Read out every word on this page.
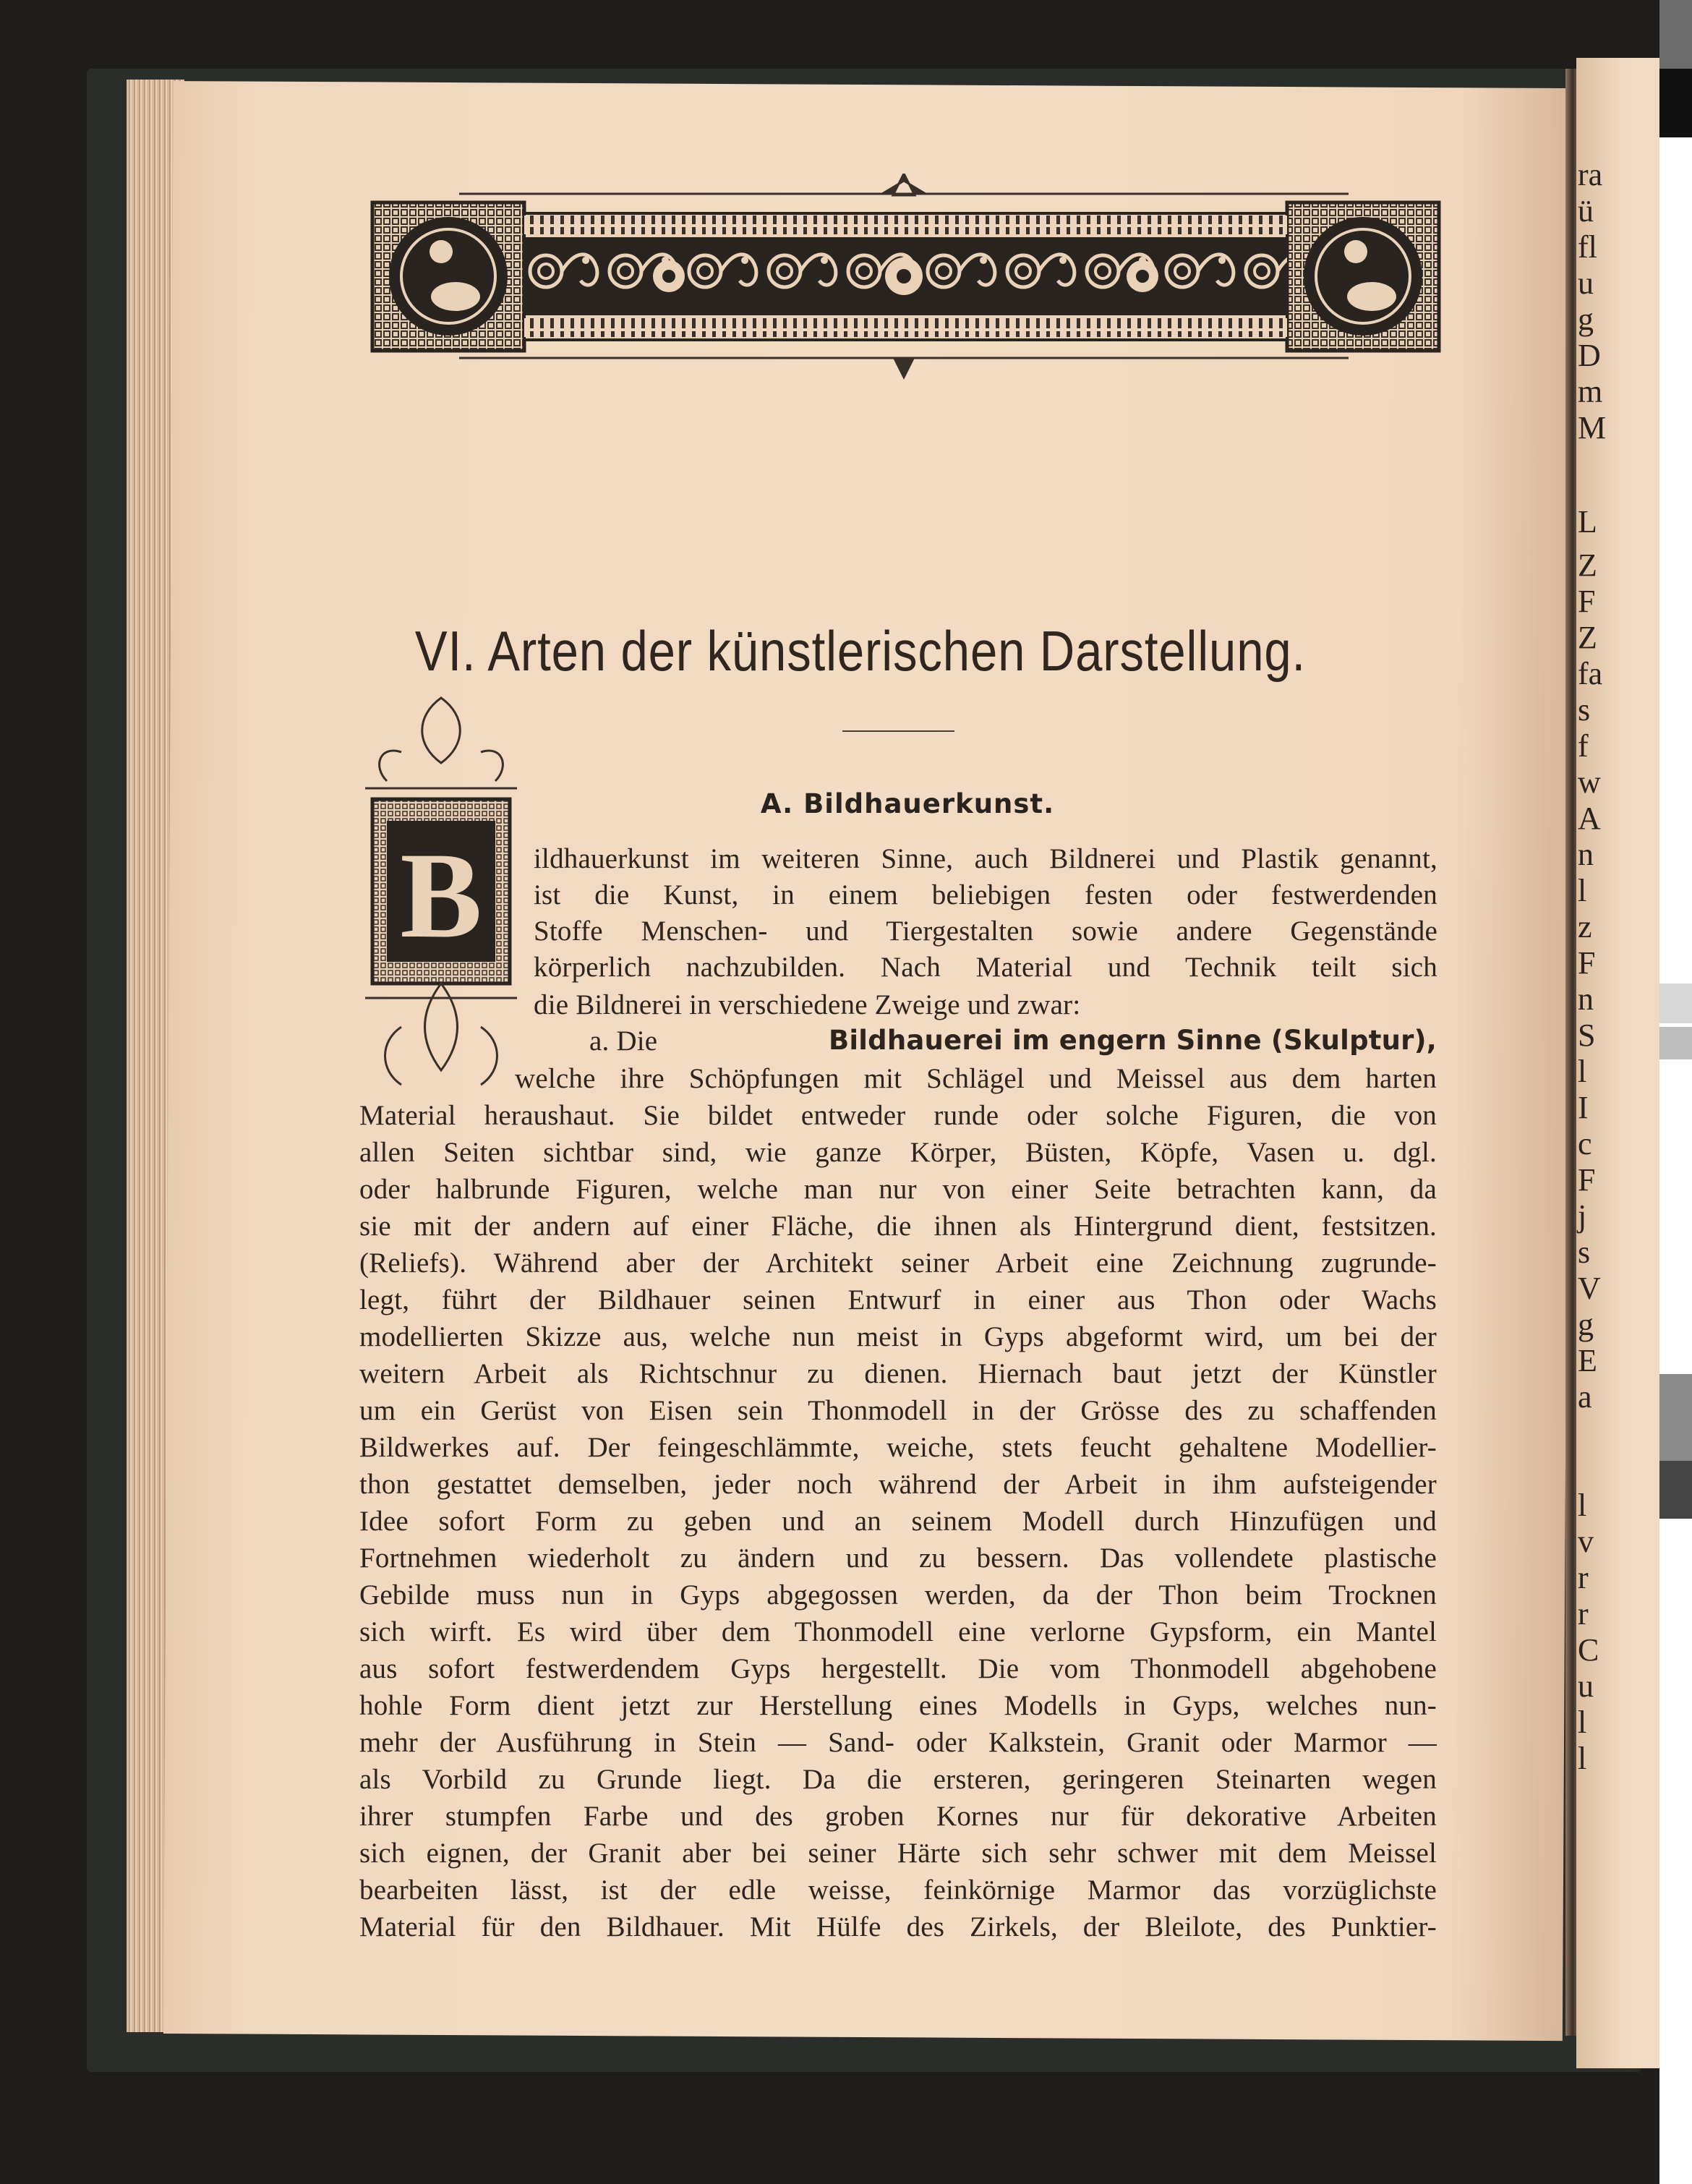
ra
ü
fl
u
g
D
m
M
L
Z
F
Z
fa
s
f
w
A
n
l
z
F
n
S
l
I
c
F
j
s
V
g
E
a
l
v
r
r
C
u
l
l
VI. Arten der künstlerischen Darstellung.
A. Bildhauerkunst.
B ildhauerkunst im weiteren Sinne, auch Bildnerei und Plastik genannt,
ist die Kunst, in einem beliebigen festen oder festwerdenden
Stoffe Menschen- und Tiergestalten sowie andere Gegenstände
körperlich nachzubilden. Nach Material und Technik teilt sich
die Bildnerei in verschiedene Zweige und zwar:
a. Die	Bildhauerei im engern Sinne (Skulptur),
welche ihre Schöpfungen mit Schlägel und Meissel aus dem harten
Material heraushaut. Sie bildet entweder runde oder solche Figuren, die von
allen Seiten sichtbar sind, wie ganze Körper, Büsten, Köpfe, Vasen u. dgl.
oder halbrunde Figuren, welche man nur von einer Seite betrachten kann, da
sie mit der andern auf einer Fläche, die ihnen als Hintergrund dient, festsitzen.
(Reliefs). Während aber der Architekt seiner Arbeit eine Zeichnung zugrunde-
legt, führt der Bildhauer seinen Entwurf in einer aus Thon oder Wachs
modellierten Skizze aus, welche nun meist in Gyps abgeformt wird, um bei der
weitern Arbeit als Richtschnur zu dienen. Hiernach baut jetzt der Künstler
um ein Gerüst von Eisen sein Thonmodell in der Grösse des zu schaffenden
Bildwerkes auf. Der feingeschlämmte, weiche, stets feucht gehaltene Modellier-
thon gestattet demselben, jeder noch während der Arbeit in ihm aufsteigender
Idee sofort Form zu geben und an seinem Modell durch Hinzufügen und
Fortnehmen wiederholt zu ändern und zu bessern. Das vollendete plastische
Gebilde muss nun in Gyps abgegossen werden, da der Thon beim Trocknen
sich wirft. Es wird über dem Thonmodell eine verlorne Gypsform, ein Mantel
aus sofort festwerdendem Gyps hergestellt. Die vom Thonmodell abgehobene
hohle Form dient jetzt zur Herstellung eines Modells in Gyps, welches nun-
mehr der Ausführung in Stein — Sand- oder Kalkstein, Granit oder Marmor —
als Vorbild zu Grunde liegt. Da die ersteren, geringeren Steinarten wegen
ihrer stumpfen Farbe und des groben Kornes nur für dekorative Arbeiten
sich eignen, der Granit aber bei seiner Härte sich sehr schwer mit dem Meissel
bearbeiten lässt, ist der edle weisse, feinkörnige Marmor das vorzüglichste
Material für den Bildhauer. Mit Hülfe des Zirkels, der Bleilote, des Punktier-
